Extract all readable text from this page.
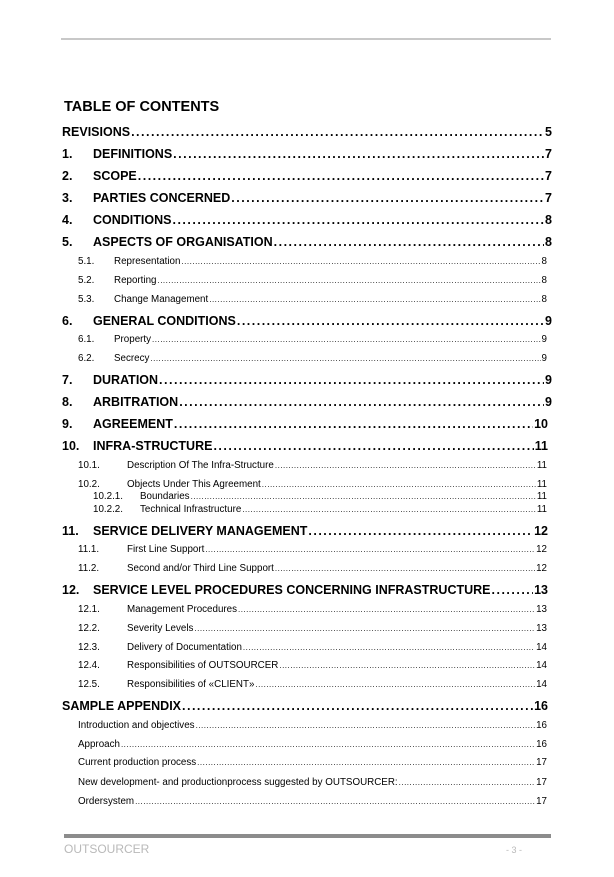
TABLE OF CONTENTS
REVISIONS .....	5
1.	DEFINITIONS .....	7
2.	SCOPE .....	7
3.	PARTIES CONCERNED .....	7
4.	CONDITIONS .....	8
5.	ASPECTS OF ORGANISATION .....	8
5.1.	Representation .....	8
5.2.	Reporting .....	8
5.3.	Change Management .....	8
6.	GENERAL CONDITIONS .....	9
6.1.	Property .....	9
6.2.	Secrecy .....	9
7.	DURATION .....	9
8.	ARBITRATION .....	9
9.	AGREEMENT .....	10
10.	INFRA-STRUCTURE .....	11
10.1.	Description Of The Infra-Structure .....	11
10.2.	Objects Under This Agreement .....	11
10.2.1.	Boundaries .....	11
10.2.2.	Technical Infrastructure .....	11
11.	SERVICE DELIVERY MANAGEMENT .....	12
11.1.	First Line Support .....	12
11.2.	Second and/or Third Line Support .....	12
12.	SERVICE LEVEL PROCEDURES CONCERNING INFRASTRUCTURE .....	13
12.1.	Management Procedures .....	13
12.2.	Severity Levels .....	13
12.3.	Delivery of Documentation .....	14
12.4.	Responsibilities of OUTSOURCER .....	14
12.5.	Responsibilities of «CLIENT» .....	14
SAMPLE APPENDIX .....	16
Introduction and objectives .....	16
Approach .....	16
Current production process .....	17
New development- and productionprocess suggested by OUTSOURCER: .....	17
Ordersystem .....	17
OUTSOURCER	- 3 -
